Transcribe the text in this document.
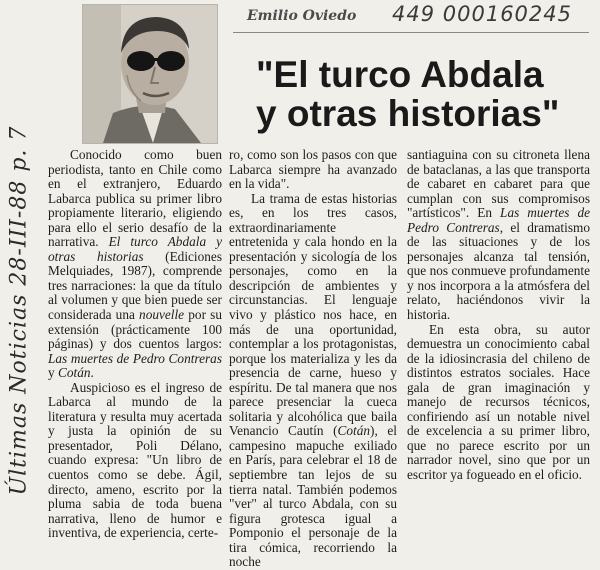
Últimas Noticias 28-III-88 p. 7
Emilio Oviedo 449 000160245
"El turco Abdala
y otras historias"

Conocido como buen periodista, tanto en Chile como en el extranjero, Eduardo Labarca publica su primer libro propiamente literario, eligiendo para ello el serio desafío de la narrativa. El turco Abdala y otras historias (Ediciones Melquiades, 1987), comprende tres narraciones: la que da título al volumen y que bien puede ser considerada una nouvelle por su extensión (prácticamente 100 páginas) y dos cuentos largos: Las muertes de Pedro Contreras y Cotán.

Auspicioso es el ingreso de Labarca al mundo de la literatura y resulta muy acertada y justa la opinión de su presentador, Poli Délano, cuando expresa: "Un libro de cuentos como se debe. Ágil, directo, ameno, escrito por la pluma sabia de toda buena narrativa, lleno de humor e inventiva, de experiencia, certe-

ro, como son los pasos con que Labarca siempre ha avanzado en la vida".

La trama de estas historias es, en los tres casos, extraordinariamente entretenida y cala hondo en la presentación y sicología de los personajes, como en la descripción de ambientes y circunstancias. El lenguaje vivo y plástico nos hace, en más de una oportunidad, contemplar a los protagonistas, porque los materializa y les da presencia de carne, hueso y espíritu. De tal manera que nos parece presenciar la cueca solitaria y alcohólica que baila Venancio Cautín (Cotán), el campesino mapuche exiliado en París, para celebrar el 18 de septiembre tan lejos de su tierra natal. También podemos "ver" al turco Abdala, con su figura grotesca igual a Pomponio el personaje de la tira cómica, recorriendo la noche

santiaguina con su citroneta llena de bataclanas, a las que transporta de cabaret en cabaret para que cumplan con sus compromisos "artísticos". En Las muertes de Pedro Contreras, el dramatismo de las situaciones y de los personajes alcanza tal tensión, que nos conmueve profundamente y nos incorpora a la atmósfera del relato, haciéndonos vivir la historia.

En esta obra, su autor demuestra un conocimiento cabal de la idiosincrasia del chileno de distintos estratos sociales. Hace gala de gran imaginación y manejo de recursos técnicos, confiriendo así un notable nivel de excelencia a su primer libro, que no parece escrito por un narrador novel, sino que por un escritor ya fogueado en el oficio.
